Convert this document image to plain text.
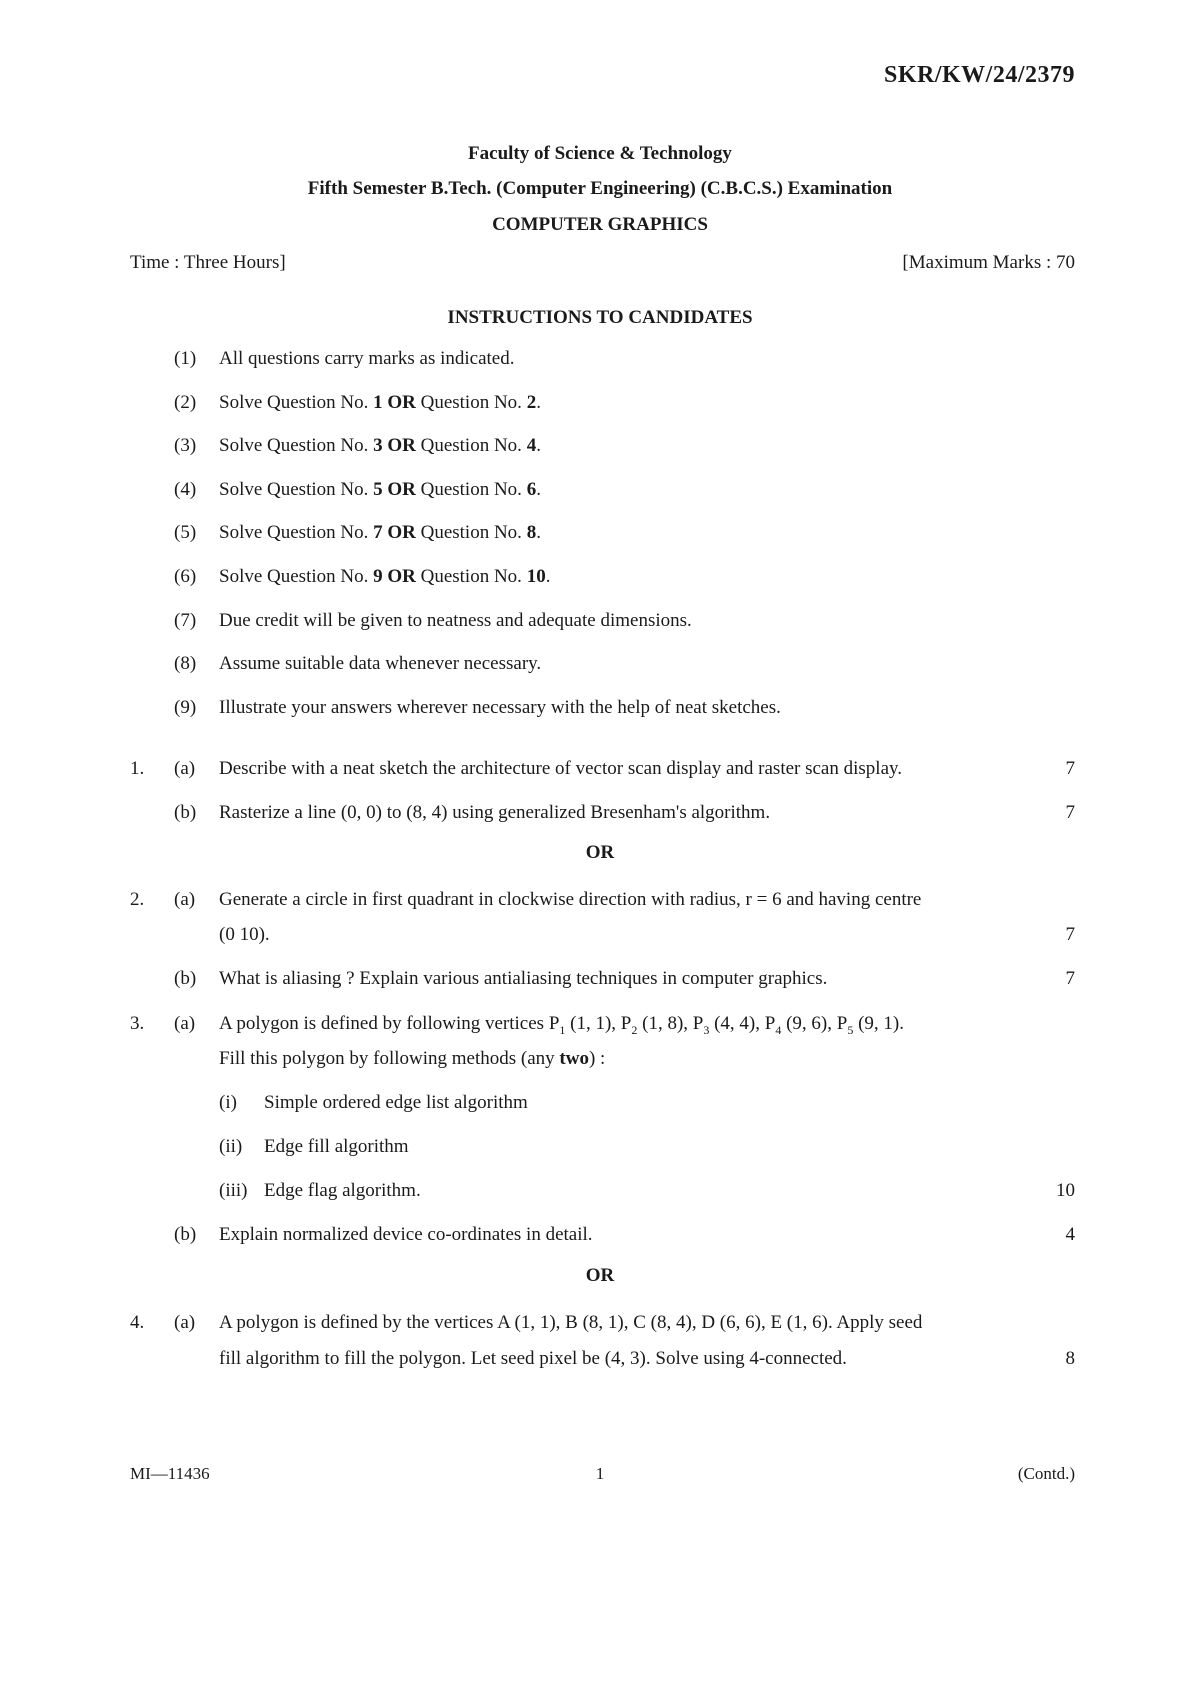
SKR/KW/24/2379
Faculty of Science & Technology
Fifth Semester B.Tech. (Computer Engineering) (C.B.C.S.) Examination
COMPUTER GRAPHICS
Time : Three Hours]	[Maximum Marks : 70
INSTRUCTIONS TO CANDIDATES
(1) All questions carry marks as indicated.
(2) Solve Question No. 1 OR Question No. 2.
(3) Solve Question No. 3 OR Question No. 4.
(4) Solve Question No. 5 OR Question No. 6.
(5) Solve Question No. 7 OR Question No. 8.
(6) Solve Question No. 9 OR Question No. 10.
(7) Due credit will be given to neatness and adequate dimensions.
(8) Assume suitable data whenever necessary.
(9) Illustrate your answers wherever necessary with the help of neat sketches.
1. (a) Describe with a neat sketch the architecture of vector scan display and raster scan display.	7
(b) Rasterize a line (0, 0) to (8, 4) using generalized Bresenham's algorithm.	7
OR
2. (a) Generate a circle in first quadrant in clockwise direction with radius, r = 6 and having centre
(0 10).	7
(b) What is aliasing ? Explain various antialiasing techniques in computer graphics.	7
3. (a) A polygon is defined by following vertices $P_1$ (1, 1), $P_2$ (1, 8), $P_3$ (4, 4), $P_4$ (9, 6), $P_5$ (9, 1).
Fill this polygon by following methods (any two) :
(i) Simple ordered edge list algorithm
(ii) Edge fill algorithm
(iii) Edge flag algorithm.	10
(b) Explain normalized device co-ordinates in detail.	4
OR
4. (a) A polygon is defined by the vertices A (1, 1), B (8, 1), C (8, 4), D (6, 6), E (1, 6). Apply seed
fill algorithm to fill the polygon. Let seed pixel be (4, 3). Solve using 4-connected.	8
MI—11436	1	(Contd.)
